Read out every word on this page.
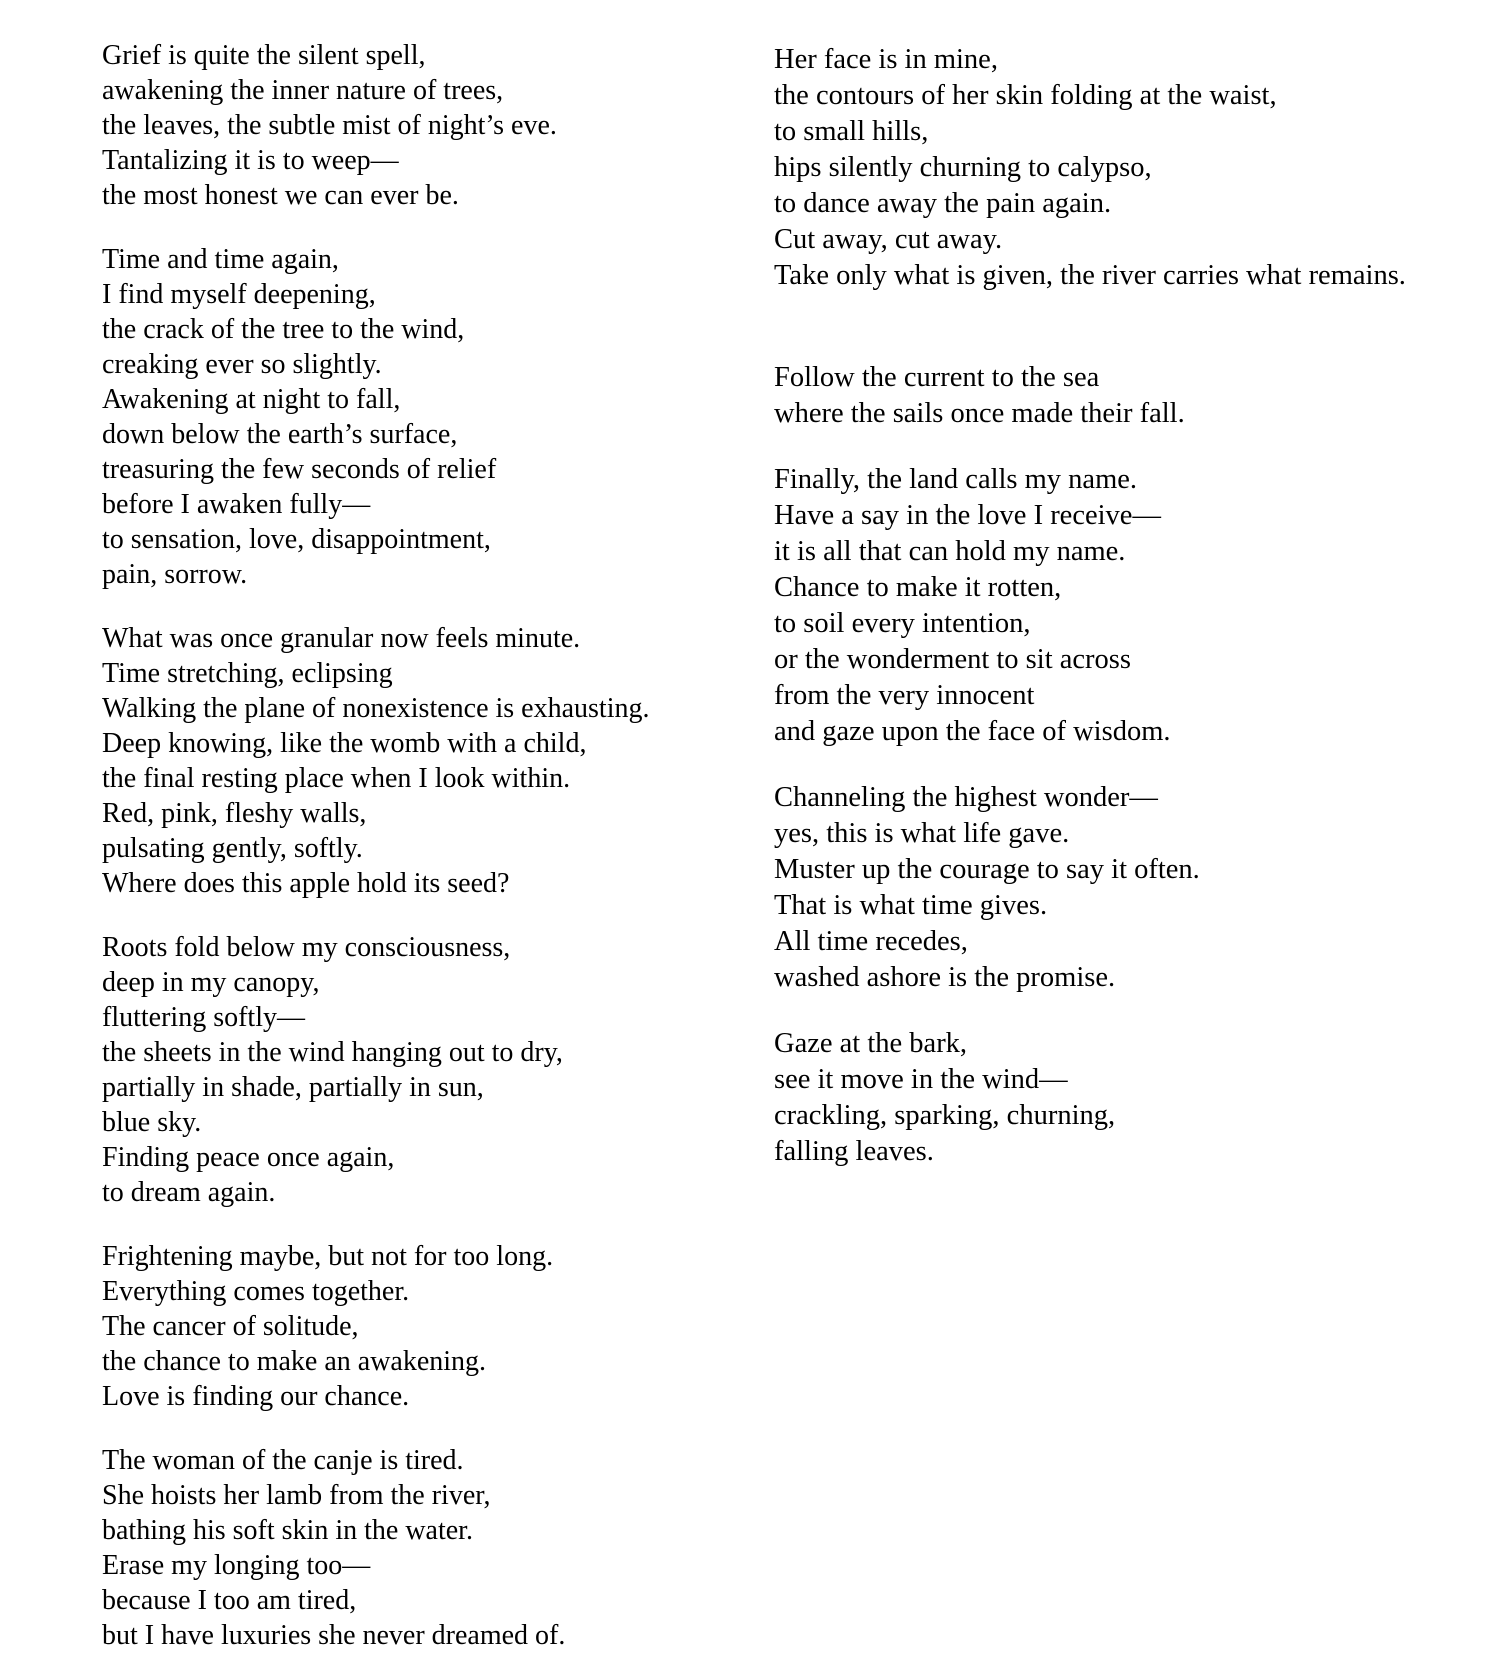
Grief is quite the silent spell,
awakening the inner nature of trees,
the leaves, the subtle mist of night’s eve.
Tantalizing it is to weep—
the most honest we can ever be.
Time and time again,
I find myself deepening,
the crack of the tree to the wind,
creaking ever so slightly.
Awakening at night to fall,
down below the earth’s surface,
treasuring the few seconds of relief
before I awaken fully—
to sensation, love, disappointment,
pain, sorrow.
What was once granular now feels minute.
Time stretching, eclipsing
Walking the plane of nonexistence is exhausting.
Deep knowing, like the womb with a child,
the final resting place when I look within.
Red, pink, fleshy walls,
pulsating gently, softly.
Where does this apple hold its seed?
Roots fold below my consciousness,
deep in my canopy,
fluttering softly—
the sheets in the wind hanging out to dry,
partially in shade, partially in sun,
blue sky.
Finding peace once again,
to dream again.
Frightening maybe, but not for too long.
Everything comes together.
The cancer of solitude,
the chance to make an awakening.
Love is finding our chance.
The woman of the canje is tired.
She hoists her lamb from the river,
bathing his soft skin in the water.
Erase my longing too—
because I too am tired,
but I have luxuries she never dreamed of.
Her face is in mine,
the contours of her skin folding at the waist,
to small hills,
hips silently churning to calypso,
to dance away the pain again.
Cut away, cut away.
Take only what is given, the river carries what remains.
Follow the current to the sea
where the sails once made their fall.
Finally, the land calls my name.
Have a say in the love I receive—
it is all that can hold my name.
Chance to make it rotten,
to soil every intention,
or the wonderment to sit across
from the very innocent
and gaze upon the face of wisdom.
Channeling the highest wonder—
yes, this is what life gave.
Muster up the courage to say it often.
That is what time gives.
All time recedes,
washed ashore is the promise.
Gaze at the bark,
see it move in the wind—
crackling, sparking, churning,
falling leaves.
